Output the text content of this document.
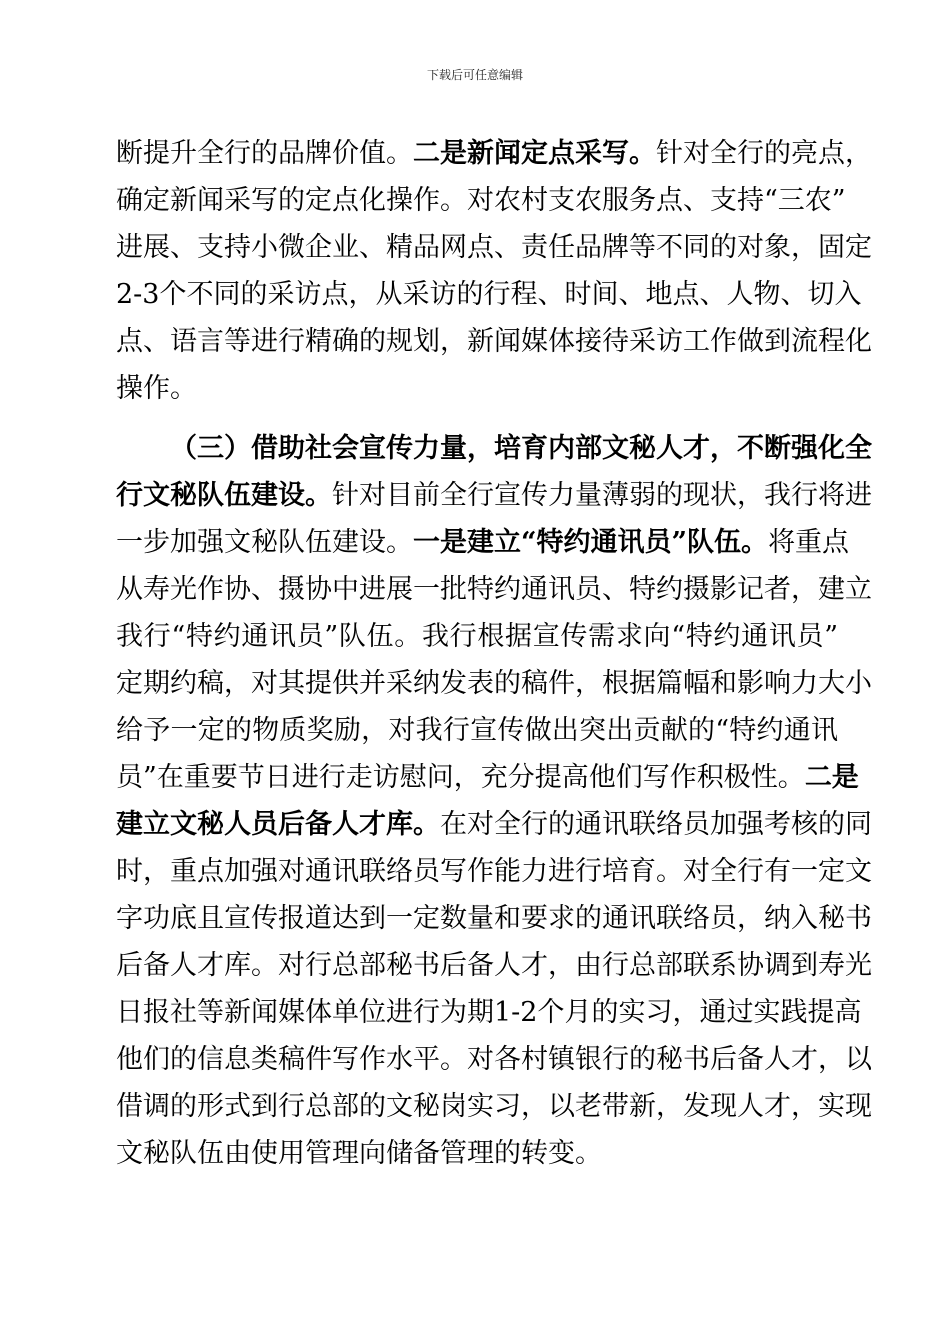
下载后可任意编辑
断提升全行的品牌价值。二是新闻定点采写。针对全行的亮点，
确定新闻采写的定点化操作。对农村支农服务点、支持“三农”
进展、支持小微企业、精品网点、责任品牌等不同的对象，固定
2-3个不同的采访点，从采访的行程、时间、地点、人物、切入
点、语言等进行精确的规划，新闻媒体接待采访工作做到流程化
操作。
（三）借助社会宣传力量，培育内部文秘人才，不断强化全
行文秘队伍建设。针对目前全行宣传力量薄弱的现状，我行将进
一步加强文秘队伍建设。一是建立“特约通讯员”队伍。将重点
从寿光作协、摄协中进展一批特约通讯员、特约摄影记者，建立
我行“特约通讯员”队伍。我行根据宣传需求向“特约通讯员”
定期约稿，对其提供并采纳发表的稿件，根据篇幅和影响力大小
给予一定的物质奖励，对我行宣传做出突出贡献的“特约通讯
员”在重要节日进行走访慰问，充分提高他们写作积极性。二是
建立文秘人员后备人才库。在对全行的通讯联络员加强考核的同
时，重点加强对通讯联络员写作能力进行培育。对全行有一定文
字功底且宣传报道达到一定数量和要求的通讯联络员，纳入秘书
后备人才库。对行总部秘书后备人才，由行总部联系协调到寿光
日报社等新闻媒体单位进行为期1-2个月的实习，通过实践提高
他们的信息类稿件写作水平。对各村镇银行的秘书后备人才，以
借调的形式到行总部的文秘岗实习，以老带新，发现人才，实现
文秘队伍由使用管理向储备管理的转变。
